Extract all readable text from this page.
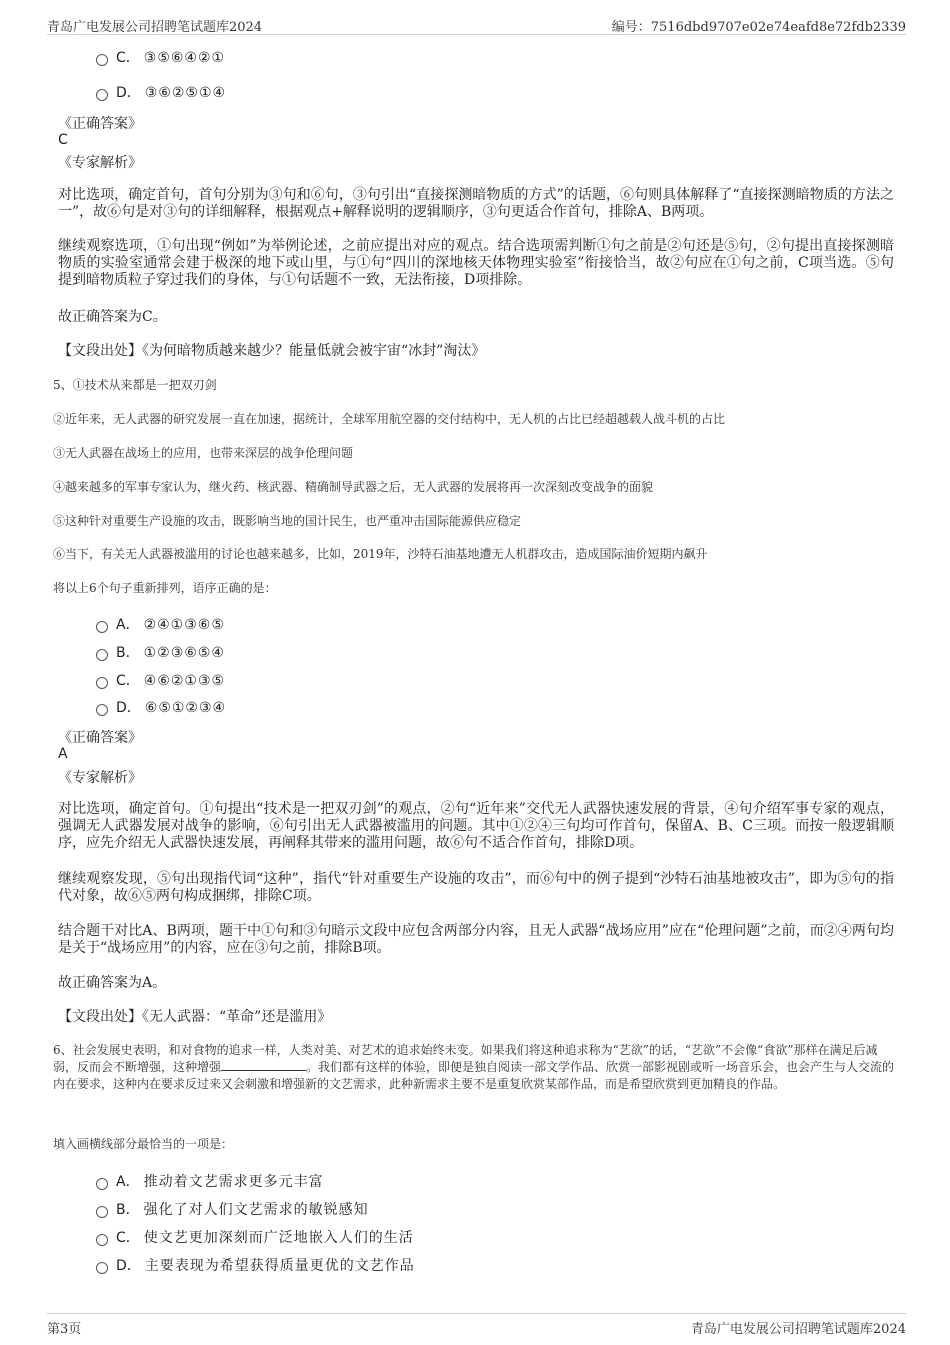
青岛广电发展公司招聘笔试题库2024	编号：7516dbd9707e02e74eafd8e72fdb2339
C． ③⑤⑥④②①
D． ③⑥②⑤①④
《正确答案》
C
《专家解析》

对比选项，确定首句，首句分别为③句和⑥句，③句引出“直接探测暗物质的方式”的话题，⑥句则具体解释了“直接探测暗物质的方法之一”，故⑥句是对③句的详细解释，根据观点+解释说明的逻辑顺序，③句更适合作首句，排除A、B两项。

继续观察选项，①句出现“例如”为举例论述，之前应提出对应的观点。结合选项需判断①句之前是②句还是⑤句，②句提出直接探测暗物质的实验室通常会建于极深的地下或山里，与①句“四川的深地核天体物理实验室”衔接恰当，故②句应在①句之前，C项当选。⑤句提到暗物质粒子穿过我们的身体，与①句话题不一致，无法衔接，D项排除。

故正确答案为C。

【文段出处】《为何暗物质越来越少？能量低就会被宇宙“冰封”淘汰》

5、①技术从来都是一把双刃剑

②近年来，无人武器的研究发展一直在加速，据统计，全球军用航空器的交付结构中，无人机的占比已经超越载人战斗机的占比

③无人武器在战场上的应用，也带来深层的战争伦理问题

④越来越多的军事专家认为，继火药、核武器、精确制导武器之后，无人武器的发展将再一次深刻改变战争的面貌

⑤这种针对重要生产设施的攻击，既影响当地的国计民生，也严重冲击国际能源供应稳定

⑥当下，有关无人武器被滥用的讨论也越来越多，比如，2019年，沙特石油基地遭无人机群攻击，造成国际油价短期内飙升

将以上6个句子重新排列，语序正确的是：

A． ②④①③⑥⑤
B． ①②③⑥⑤④
C． ④⑥②①③⑤
D． ⑥⑤①②③④
《正确答案》
A
《专家解析》

对比选项，确定首句。①句提出“技术是一把双刃剑”的观点，②句“近年来”交代无人武器快速发展的背景，④句介绍军事专家的观点，强调无人武器发展对战争的影响，⑥句引出无人武器被滥用的问题。其中①②④三句均可作首句，保留A、B、C三项。而按一般逻辑顺序，应先介绍无人武器快速发展，再阐释其带来的滥用问题，故⑥句不适合作首句，排除D项。

继续观察发现，⑤句出现指代词“这种”，指代“针对重要生产设施的攻击”，而⑥句中的例子提到“沙特石油基地被攻击”，即为⑤句的指代对象，故⑥⑤两句构成捆绑，排除C项。

结合题干对比A、B两项，题干中①句和③句暗示文段中应包含两部分内容，且无人武器“战场应用”应在“伦理问题”之前，而②④两句均是关于“战场应用”的内容，应在③句之前，排除B项。

故正确答案为A。

【文段出处】《无人武器：“革命”还是滥用》

6、社会发展史表明，和对食物的追求一样，人类对美、对艺术的追求始终未变。如果我们将这种追求称为“艺欲”的话，“艺欲”不会像“食欲”那样在满足后减弱，反而会不断增强，这种增强	。我们都有这样的体验，即便是独自阅读一部文学作品、欣赏一部影视剧或听一场音乐会，也会产生与人交流的内在要求，这种内在要求反过来又会刺激和增强新的文艺需求，此种新需求主要不是重复欣赏某部作品，而是希望欣赏到更加精良的作品。

填入画横线部分最恰当的一项是：

A． 推动着文艺需求更多元丰富
B． 强化了对人们文艺需求的敏锐感知
C． 使文艺更加深刻而广泛地嵌入人们的生活
D． 主要表现为希望获得质量更优的文艺作品
第3页	青岛广电发展公司招聘笔试题库2024
